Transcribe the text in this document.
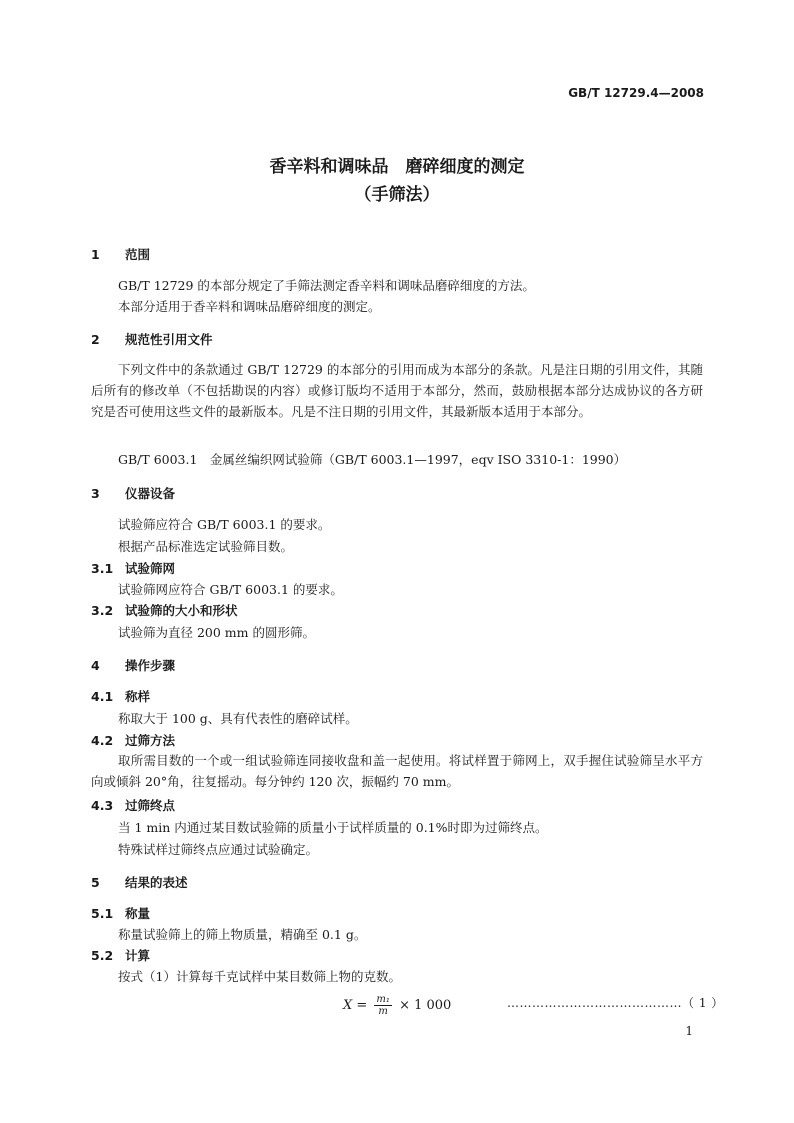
GB/T 12729.4—2008
香辛料和调味品　磨碎细度的测定
（手筛法）
1 范围
GB/T 12729 的本部分规定了手筛法测定香辛料和调味品磨碎细度的方法。
本部分适用于香辛料和调味品磨碎细度的测定。
2 规范性引用文件
下列文件中的条款通过 GB/T 12729 的本部分的引用而成为本部分的条款。凡是注日期的引用文件，其随后所有的修改单（不包括勘误的内容）或修订版均不适用于本部分，然而，鼓励根据本部分达成协议的各方研究是否可使用这些文件的最新版本。凡是不注日期的引用文件，其最新版本适用于本部分。
GB/T 6003.1　金属丝编织网试验筛（GB/T 6003.1—1997，eqv ISO 3310-1：1990）
3 仪器设备
试验筛应符合 GB/T 6003.1 的要求。
根据产品标准选定试验筛目数。
3.1 试验筛网
试验筛网应符合 GB/T 6003.1 的要求。
3.2 试验筛的大小和形状
试验筛为直径 200 mm 的圆形筛。
4 操作步骤
4.1 称样
称取大于 100 g、具有代表性的磨碎试样。
4.2 过筛方法
取所需目数的一个或一组试验筛连同接收盘和盖一起使用。将试样置于筛网上，双手握住试验筛呈水平方向或倾斜 20°角，往复摇动。每分钟约 120 次，振幅约 70 mm。
4.3 过筛终点
当 1 min 内通过某目数试验筛的质量小于试样质量的 0.1%时即为过筛终点。
特殊试样过筛终点应通过试验确定。
5 结果的表述
5.1 称量
称量试验筛上的筛上物质量，精确至 0.1 g。
5.2 计算
按式（1）计算每千克试样中某目数筛上物的克数。
$X = \frac{\text{m₁}}{m} \times 1$ 000	……………………………………（ 1 ）
1
